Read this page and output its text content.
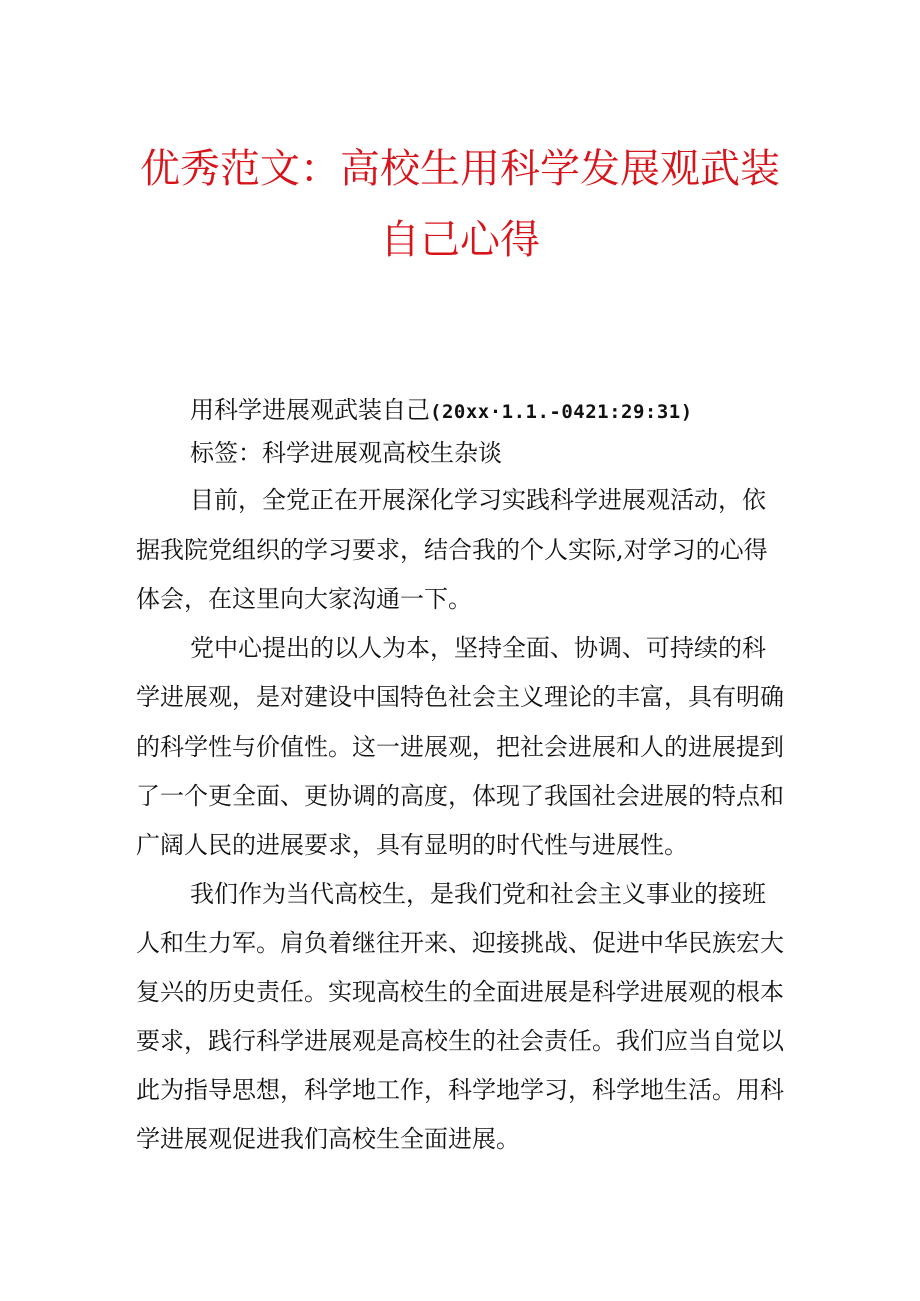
优秀范文：高校生用科学发展观武装
自己心得
用科学进展观武装自己(20xx·1.1.-0421:29:31)
标签：科学进展观高校生杂谈
目前，全党正在开展深化学习实践科学进展观活动，依
据我院党组织的学习要求，结合我的个人实际,对学习的心得
体会，在这里向大家沟通一下。
党中心提出的以人为本，坚持全面、协调、可持续的科
学进展观，是对建设中国特色社会主义理论的丰富，具有明确
的科学性与价值性。这一进展观，把社会进展和人的进展提到
了一个更全面、更协调的高度，体现了我国社会进展的特点和
广阔人民的进展要求，具有显明的时代性与进展性。
我们作为当代高校生，是我们党和社会主义事业的接班
人和生力军。肩负着继往开来、迎接挑战、促进中华民族宏大
复兴的历史责任。实现高校生的全面进展是科学进展观的根本
要求，践行科学进展观是高校生的社会责任。我们应当自觉以
此为指导思想，科学地工作，科学地学习，科学地生活。用科
学进展观促进我们高校生全面进展。
